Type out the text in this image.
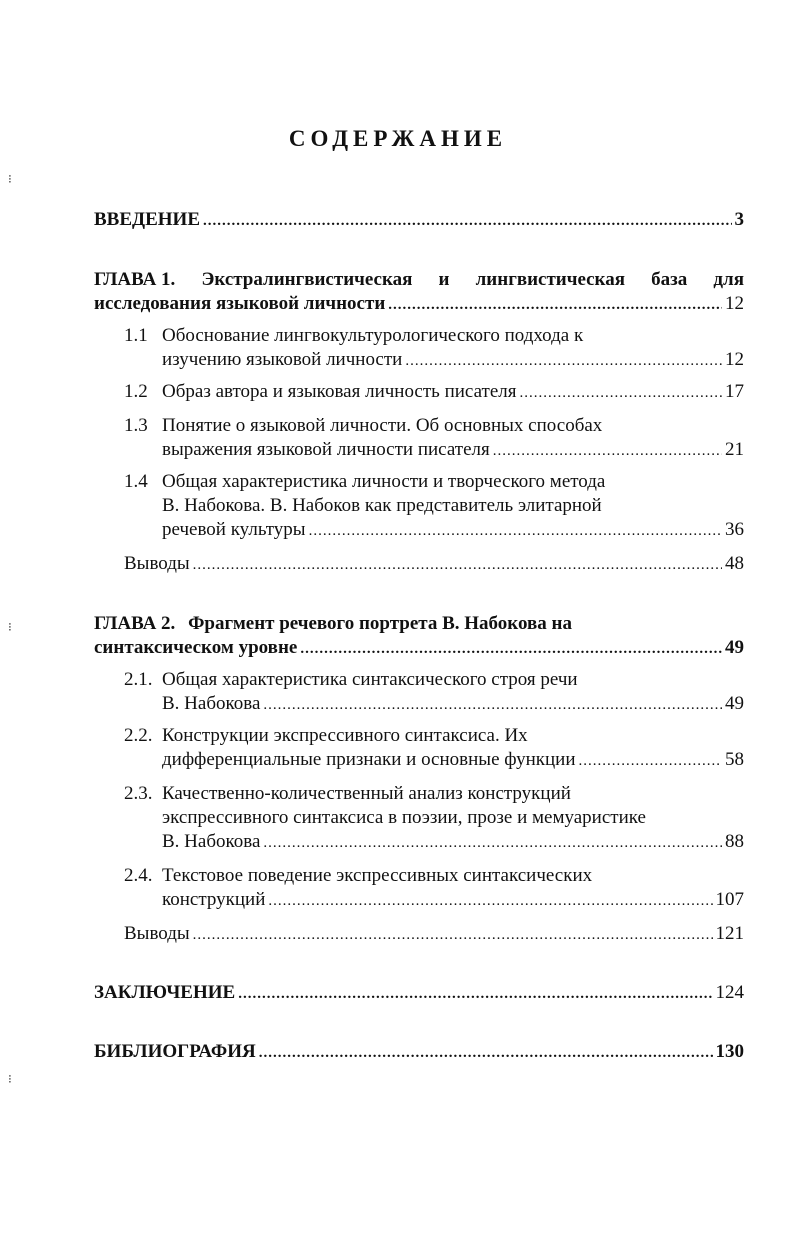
⁝
⁝
⁝
СОДЕРЖАНИЕ
ВВЕДЕНИЕ .....	3
ГЛАВА 1. Экстралингвистическая и лингвистическая база для
исследования языковой личности .....	12
1.1 Обоснование лингвокультурологического подхода к
изучению языковой личности .....	12
1.2 Образ автора и языковая личность писателя .....	17
1.3 Понятие о языковой личности. Об основных способах
выражения языковой личности писателя .....	21
1.4 Общая характеристика личности и творческого метода
В. Набокова. В. Набоков как представитель элитарной
речевой культуры .....	36
Выводы .....	48
ГЛАВА 2. Фрагмент речевого портрета В. Набокова на
синтаксическом уровне .....	49
2.1. Общая характеристика синтаксического строя речи
В. Набокова .....	49
2.2. Конструкции экспрессивного синтаксиса. Их
дифференциальные признаки и основные функции .....	58
2.3. Качественно-количественный анализ конструкций
экспрессивного синтаксиса в поэзии, прозе и мемуаристике
В. Набокова .....	88
2.4. Текстовое поведение экспрессивных синтаксических
конструкций .....	107
Выводы .....	121
ЗАКЛЮЧЕНИЕ .....	124
БИБЛИОГРАФИЯ .....	130
